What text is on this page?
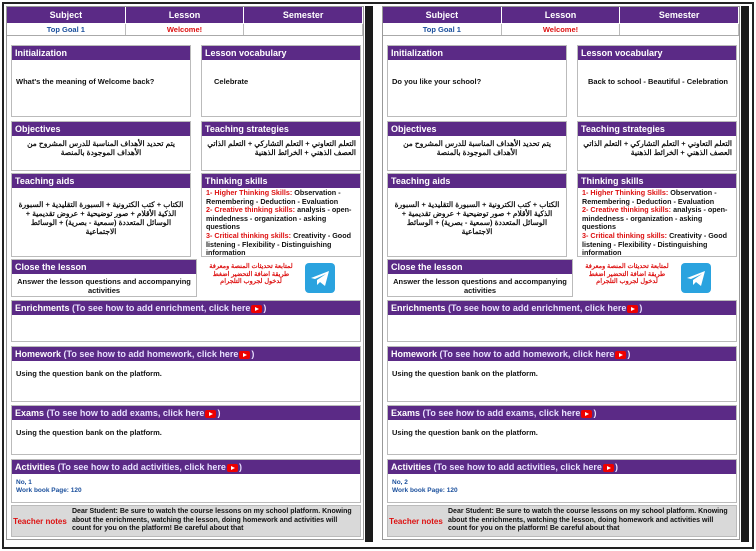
Subject	Lesson	Semester
Top Goal 1	Welcome!
Initialization
What's the meaning of Welcome back?
Lesson vocabulary
Celebrate
Objectives
يتم تحديد الأهداف المناسبة للدرس المشروح من الأهداف الموجودة بالمنصة
Teaching strategies
التعلم التعاوني + التعلم التشاركي + التعلم الذاتي العصف الذهني + الخرائط الذهنية
Teaching aids
الكتاب + كتب الكترونية + السبورة التقليدية + السبورة الذكية الأقلام + صور توضيحية + عروض تقديمية + الوسائل المتعددة (سمعية - بصرية) + الوسائط الاجتماعية
Thinking skills
1- Higher Thinking Skills: Observation - Remembering - Deduction - Evaluation
2- Creative thinking skills: analysis - open-mindedness - organization - asking questions
3- Critical thinking skills: Creativity - Good listening - Flexibility - Distinguishing information
Close the lesson
Answer the lesson questions and accompanying activities
لمتابعة تحديثات المنصة ومعرفة طريقة اضافة التحضير اضغط لدخول لجروب التلجرام
Enrichments (To see how to add enrichment, click here )
Homework (To see how to add homework, click here )
Using the question bank on the platform.
Exams (To see how to add exams, click here )
Using the question bank on the platform.
Activities (To see how to add activities, click here )
No, 1
Work book Page: 120
Teacher notes
Dear Student: Be sure to watch the course lessons on my school platform. Knowing about the enrichments, watching the lesson, doing homework and activities will count for you on the platform! Be careful about that
Subject	Lesson	Semester
Top Goal 1	Welcome!
Initialization
Do you like your school?
Lesson vocabulary
Back to school - Beautiful - Celebration
Objectives
يتم تحديد الأهداف المناسبة للدرس المشروح من الأهداف الموجودة بالمنصة
Teaching strategies
التعلم التعاوني + التعلم التشاركي + التعلم الذاتي العصف الذهني + الخرائط الذهنية
Teaching aids
الكتاب + كتب الكترونية + السبورة التقليدية + السبورة الذكية الأقلام + صور توضيحية + عروض تقديمية + الوسائل المتعددة (سمعية - بصرية) + الوسائط الاجتماعية
Thinking skills
1- Higher Thinking Skills: Observation - Remembering - Deduction - Evaluation
2- Creative thinking skills: analysis - open-mindedness - organization - asking questions
3- Critical thinking skills: Creativity - Good listening - Flexibility - Distinguishing information
Close the lesson
Answer the lesson questions and accompanying activities
لمتابعة تحديثات المنصة ومعرفة طريقة اضافة التحضير اضغط لدخول لجروب التلجرام
Enrichments (To see how to add enrichment, click here )
Homework (To see how to add homework, click here )
Using the question bank on the platform.
Exams (To see how to add exams, click here )
Using the question bank on the platform.
Activities (To see how to add activities, click here )
No, 2
Work book Page: 120
Teacher notes
Dear Student: Be sure to watch the course lessons on my school platform. Knowing about the enrichments, watching the lesson, doing homework and activities will count for you on the platform! Be careful about that
